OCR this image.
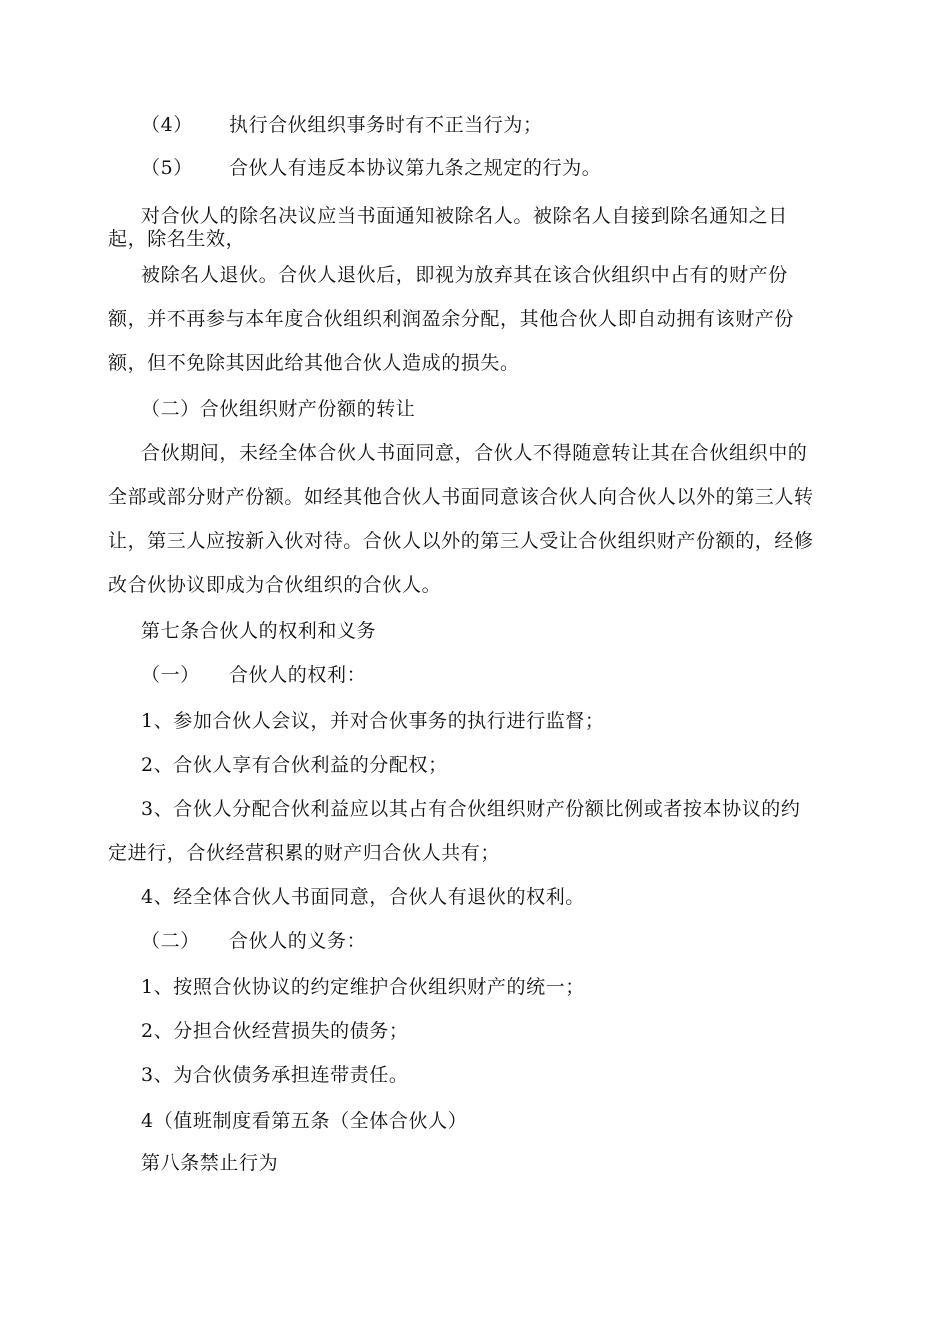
（4） 执行合伙组织事务时有不正当行为；
（5） 合伙人有违反本协议第九条之规定的行为。
对合伙人的除名决议应当书面通知被除名人。被除名人自接到除名通知之日
起，除名生效，
被除名人退伙。合伙人退伙后，即视为放弃其在该合伙组织中占有的财产份
额，并不再参与本年度合伙组织利润盈余分配，其他合伙人即自动拥有该财产份
额，但不免除其因此给其他合伙人造成的损失。
（二）合伙组织财产份额的转让
合伙期间，未经全体合伙人书面同意，合伙人不得随意转让其在合伙组织中的
全部或部分财产份额。如经其他合伙人书面同意该合伙人向合伙人以外的第三人转
让，第三人应按新入伙对待。合伙人以外的第三人受让合伙组织财产份额的，经修
改合伙协议即成为合伙组织的合伙人。
第七条合伙人的权利和义务
（一） 合伙人的权利：
1、参加合伙人会议，并对合伙事务的执行进行监督；
2、合伙人享有合伙利益的分配权；
3、合伙人分配合伙利益应以其占有合伙组织财产份额比例或者按本协议的约
定进行，合伙经营积累的财产归合伙人共有；
4、经全体合伙人书面同意，合伙人有退伙的权利。
（二） 合伙人的义务：
1、按照合伙协议的约定维护合伙组织财产的统一；
2、分担合伙经营损失的债务；
3、为合伙债务承担连带责任。
4（值班制度看第五条（全体合伙人）
第八条禁止行为
